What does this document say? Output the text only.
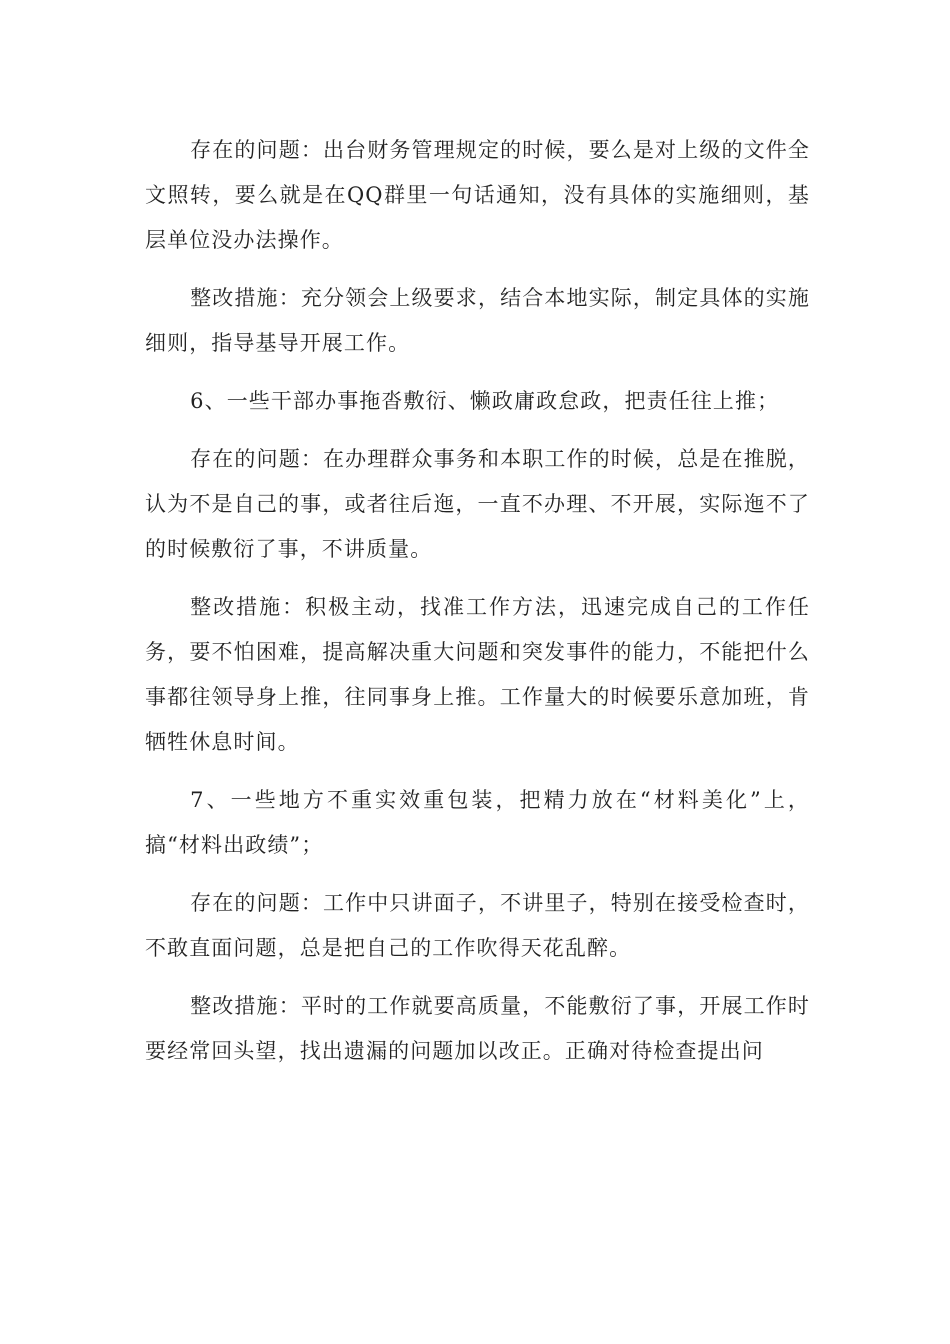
存在的问题：出台财务管理规定的时候，要么是对上级的文件全文照转，要么就是在QQ群里一句话通知，没有具体的实施细则，基层单位没办法操作。

整改措施：充分领会上级要求，结合本地实际，制定具体的实施细则，指导基导开展工作。

6、一些干部办事拖沓敷衍、懒政庸政怠政，把责任往上推；

存在的问题：在办理群众事务和本职工作的时候，总是在推脱，认为不是自己的事，或者往后迤，一直不办理、不开展，实际迤不了的时候敷衍了事，不讲质量。

整改措施：积极主动，找准工作方法，迅速完成自己的工作任务，要不怕困难，提高解决重大问题和突发事件的能力，不能把什么事都往领导身上推，往同事身上推。工作量大的时候要乐意加班，肯牺牲休息时间。

7、一些地方不重实效重包装，把精力放在“材料美化”上，搞“材料出政绩”；

存在的问题：工作中只讲面子，不讲里子，特别在接受检查时，不敢直面问题，总是把自己的工作吹得天花乱醉。

整改措施：平时的工作就要高质量，不能敷衍了事，开展工作时要经常回头望，找出遗漏的问题加以改正。正确对待检查提出问
